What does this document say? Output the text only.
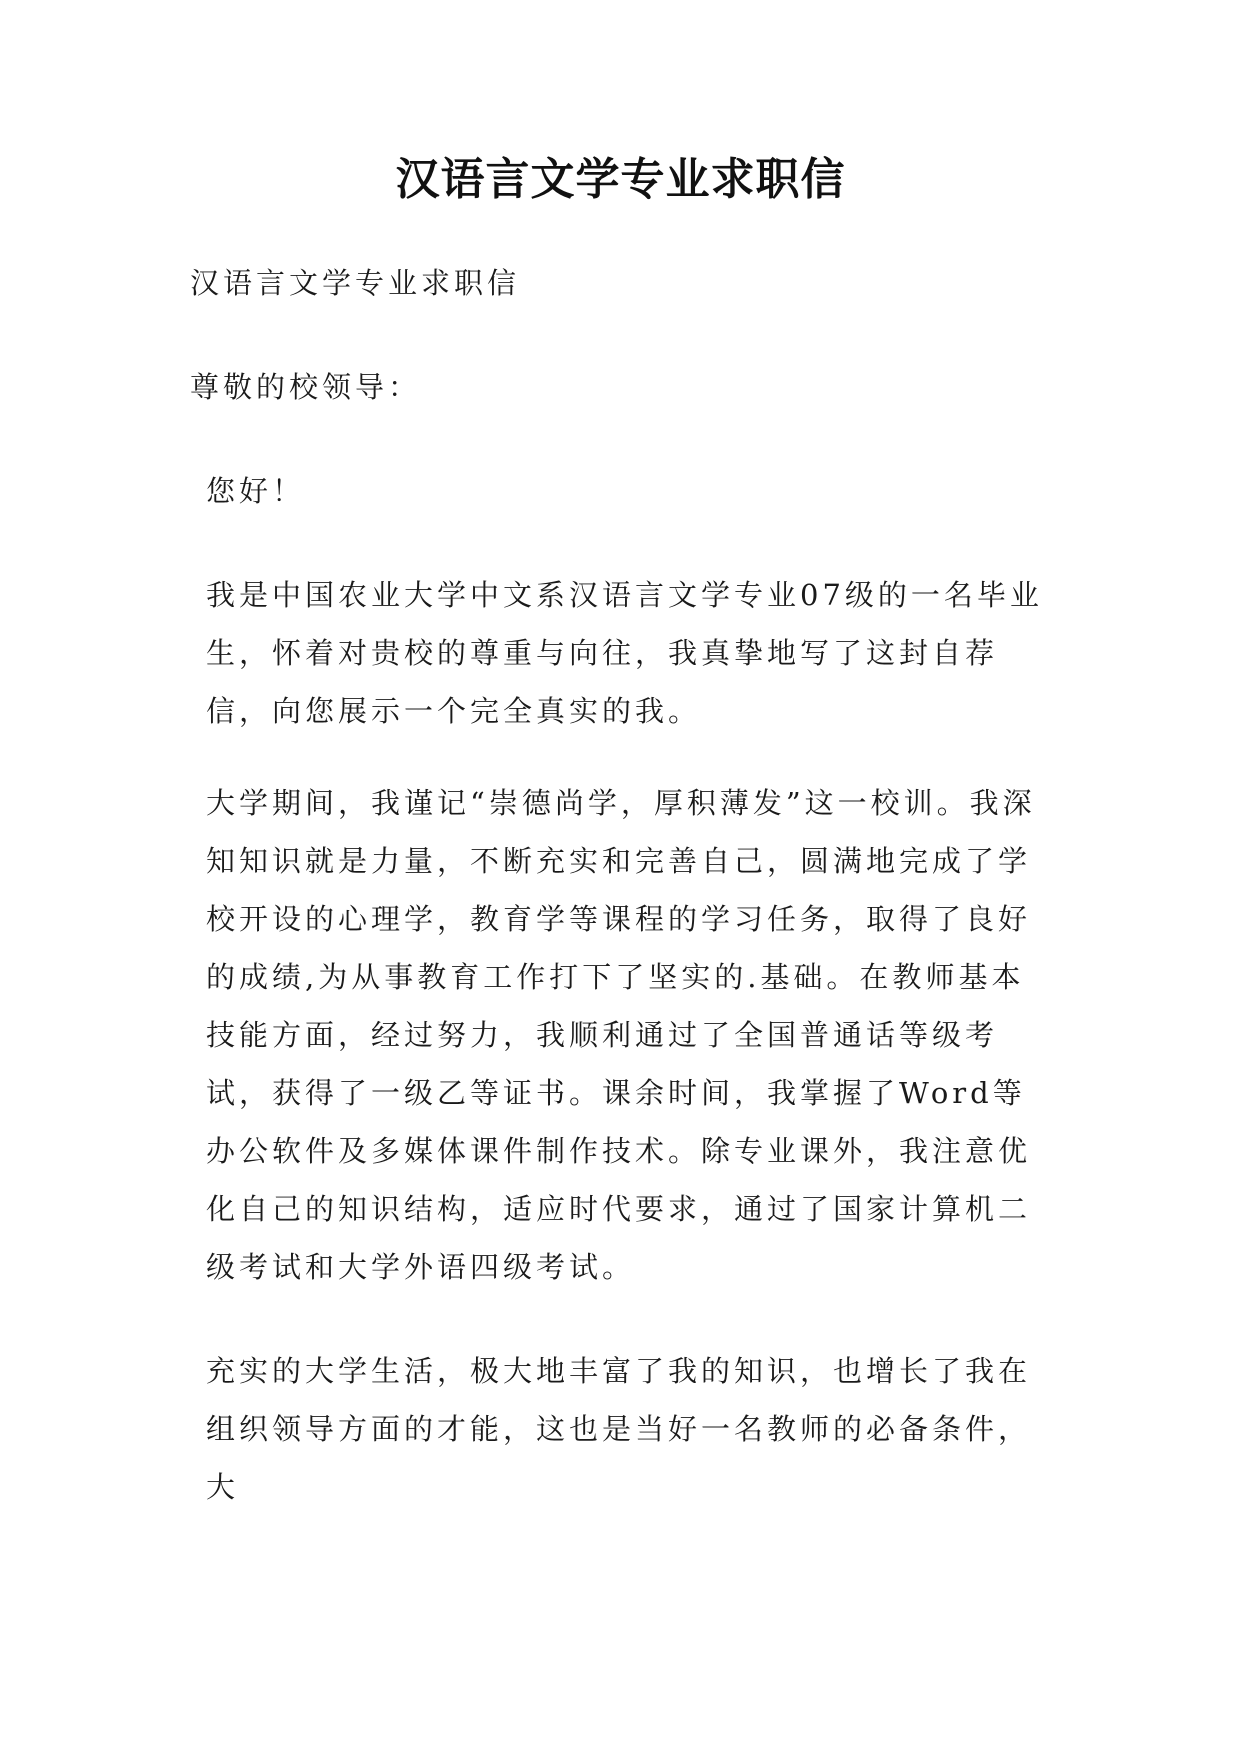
汉语言文学专业求职信

汉语言文学专业求职信

尊敬的校领导：

您好！

我是中国农业大学中文系汉语言文学专业07级的一名毕业生，怀着对贵校的尊重与向往，我真挚地写了这封自荐信，向您展示一个完全真实的我。

大学期间，我谨记“崇德尚学，厚积薄发”这一校训。我深知知识就是力量，不断充实和完善自己，圆满地完成了学校开设的心理学，教育学等课程的学习任务，取得了良好的成绩,为从事教育工作打下了坚实的.基础。在教师基本技能方面，经过努力，我顺利通过了全国普通话等级考试，获得了一级乙等证书。课余时间，我掌握了Word等办公软件及多媒体课件制作技术。除专业课外，我注意优化自己的知识结构，适应时代要求，通过了国家计算机二级考试和大学外语四级考试。

充实的大学生活，极大地丰富了我的知识，也增长了我在组织领导方面的才能，这也是当好一名教师的必备条件，大
